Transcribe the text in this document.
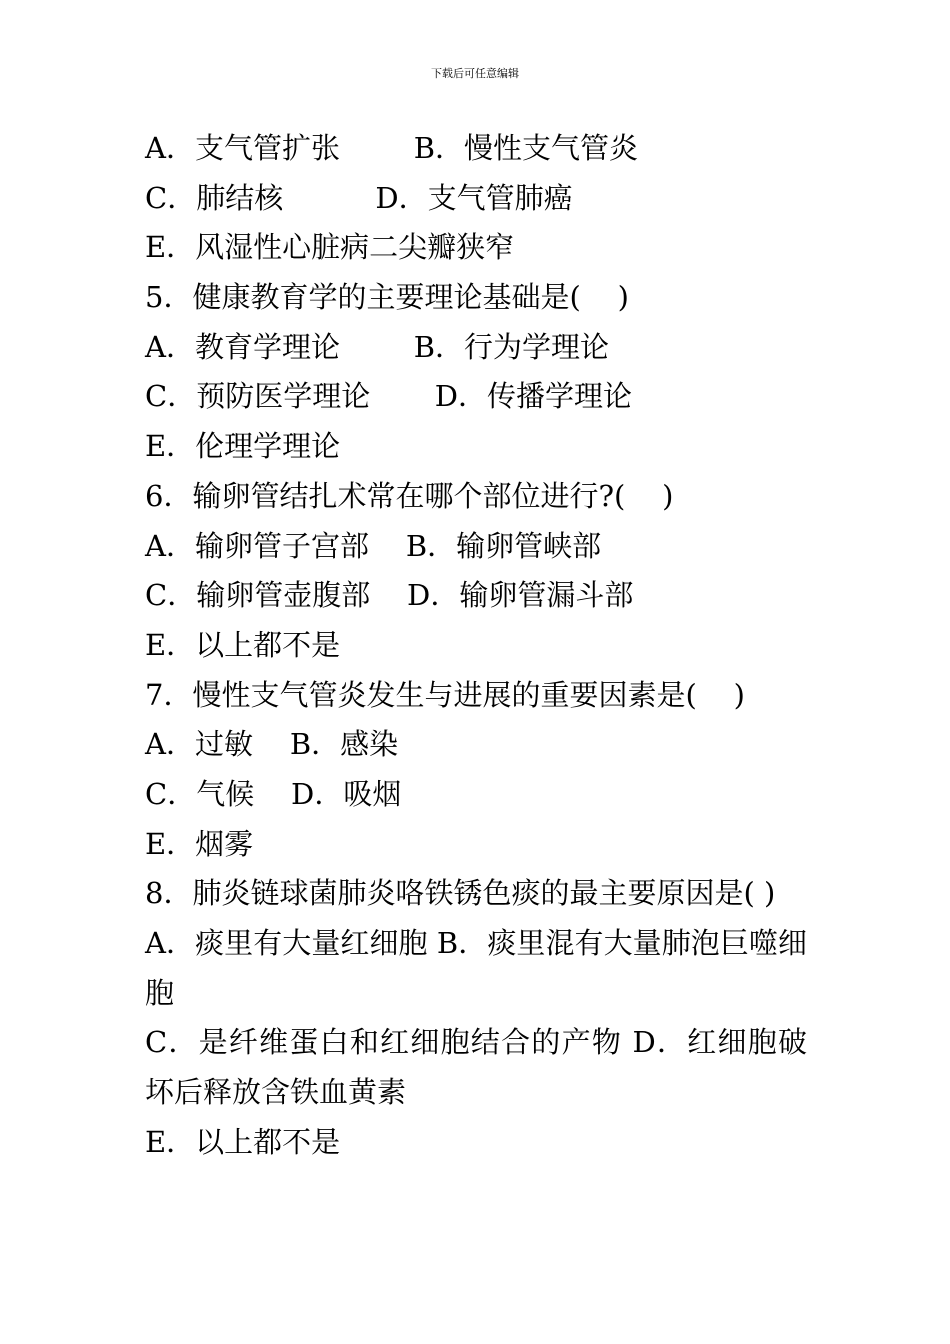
下载后可任意编辑
A．支气管扩张        B．慢性支气管炎
C．肺结核          D．支气管肺癌
E．风湿性心脏病二尖瓣狭窄
5．健康教育学的主要理论基础是(    )
A．教育学理论        B．行为学理论
C．预防医学理论       D．传播学理论
E．伦理学理论
6．输卵管结扎术常在哪个部位进行?(    )
A．输卵管子宫部    B．输卵管峡部
C．输卵管壶腹部    D．输卵管漏斗部
E．以上都不是
7．慢性支气管炎发生与进展的重要因素是(    )
A．过敏    B．感染
C．气候    D．吸烟
E．烟雾
8．肺炎链球菌肺炎咯铁锈色痰的最主要原因是( )
A．痰里有大量红细胞 B．痰里混有大量肺泡巨噬细胞
C．是纤维蛋白和红细胞结合的产物 D．红细胞破坏后释放含铁血黄素
E．以上都不是
